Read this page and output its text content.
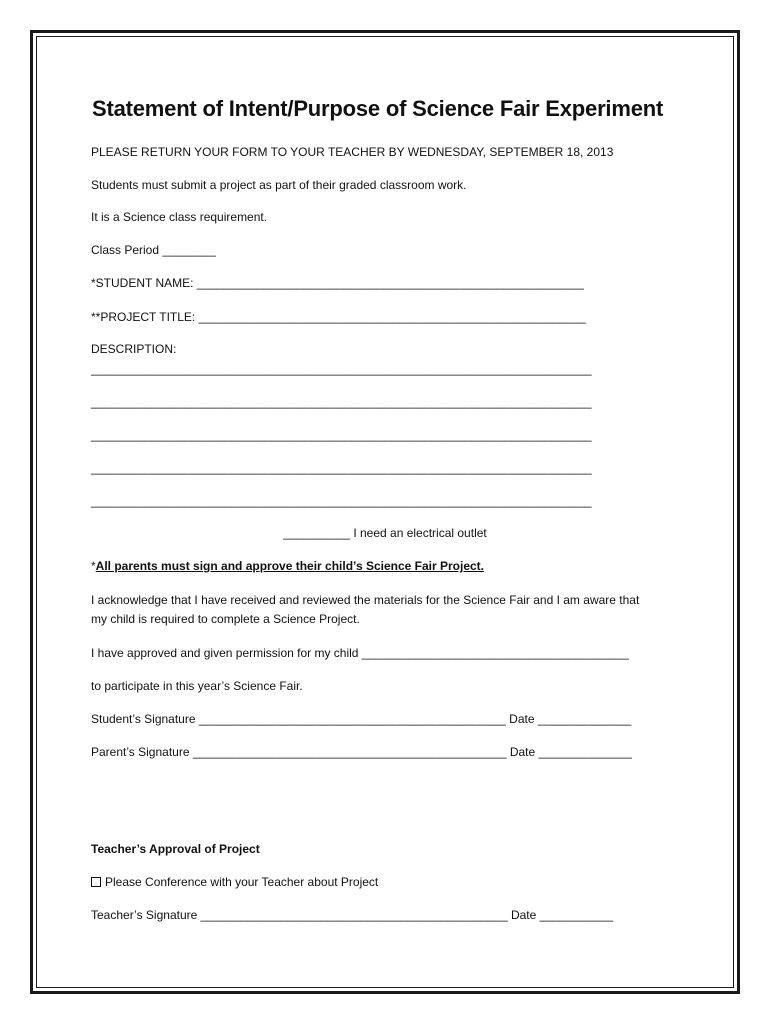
Statement of Intent/Purpose of Science Fair Experiment
PLEASE RETURN YOUR FORM TO YOUR TEACHER BY WEDNESDAY, SEPTEMBER 18, 2013
Students must submit a project as part of their graded classroom work.
It is a Science class requirement.
Class Period ________
*STUDENT NAME: __________________________________________________________
**PROJECT TITLE: __________________________________________________________
DESCRIPTION:
___________________________________________________________________________
___________________________________________________________________________
___________________________________________________________________________
___________________________________________________________________________
___________________________________________________________________________
__________ I need an electrical outlet
*All parents must sign and approve their child’s Science Fair Project.
I acknowledge that I have received and reviewed the materials for the Science Fair and I am aware that
my child is required to complete a Science Project.
I have approved and given permission for my child ________________________________________
to participate in this year’s Science Fair.
Student’s Signature ______________________________________________ Date ______________
Parent’s Signature _______________________________________________ Date ______________
Teacher’s Approval of Project
Please Conference with your Teacher about Project
Teacher’s Signature ______________________________________________ Date ___________
